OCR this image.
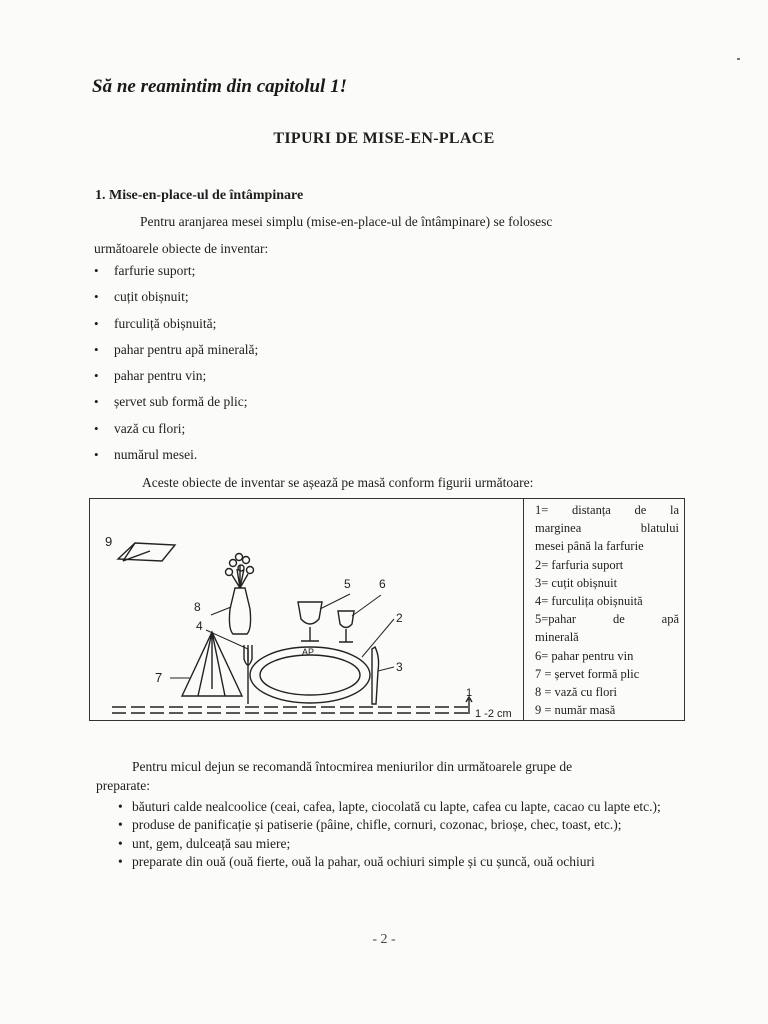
Să ne reamintim din capitolul 1!
TIPURI DE MISE-EN-PLACE
1. Mise-en-place-ul de întâmpinare
Pentru aranjarea mesei simplu (mise-en-place-ul de întâmpinare) se folosesc
următoarele obiecte de inventar:
• farfurie suport;
• cuțit obișnuit;
• furculiță obișnuită;
• pahar pentru apă minerală;
• pahar pentru vin;
• șervet sub formă de plic;
• vază cu flori;
• numărul mesei.
Aceste obiecte de inventar se așează pe masă conform figurii următoare:
9
8
4
7
5 6
2
3
AP
1
1 -2 cm
1= distanța de la
marginea blatului
mesei până la farfurie
2= farfuria suport
3= cuțit obișnuit
4= furculița obișnuită
5=pahar de apă
minerală
6= pahar pentru vin
7 = șervet formă plic
8 = vază cu flori
9 = număr masă
Pentru micul dejun se recomandă întocmirea meniurilor din următoarele grupe de
preparate:
• băuturi calde nealcoolice (ceai, cafea, lapte, ciocolată cu lapte, cafea cu lapte, cacao cu lapte etc.);
• produse de panificație și patiserie (pâine, chifle, cornuri, cozonac, brioșe, chec, toast, etc.);
• unt, gem, dulceață sau miere;
• preparate din ouă (ouă fierte, ouă la pahar, ouă ochiuri simple și cu șuncă, ouă ochiuri
- 2 -
